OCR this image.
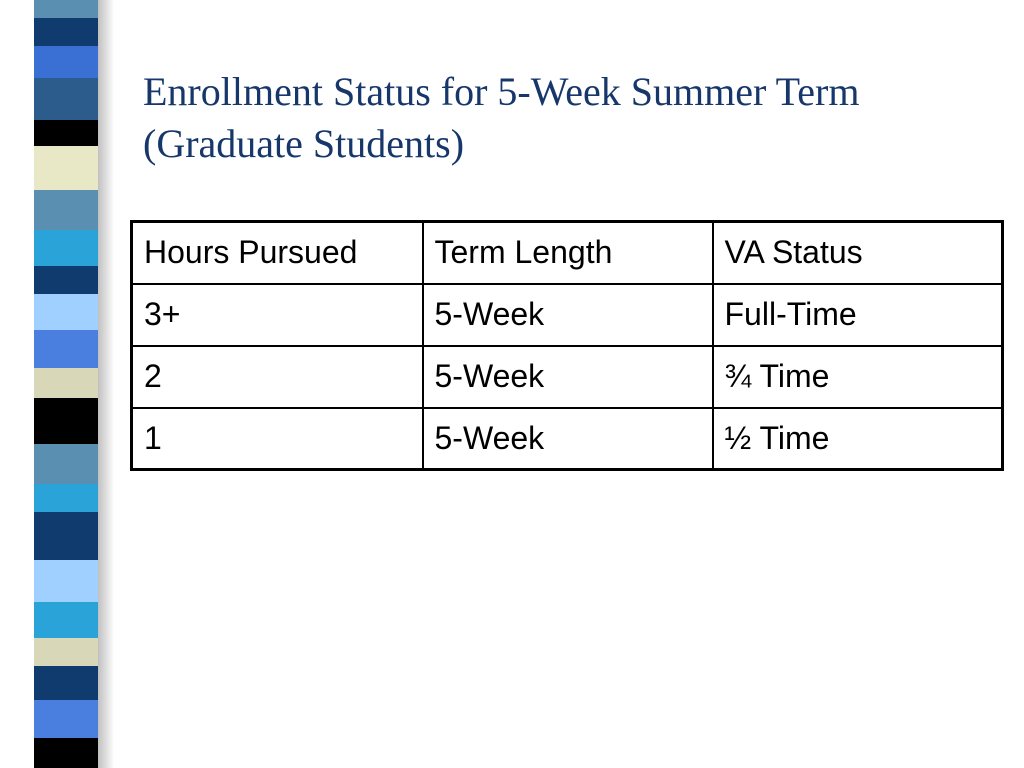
Enrollment Status for 5-Week Summer Term
(Graduate Students)
Hours Pursued	Term Length	VA Status
3+	5-Week	Full-Time
2	5-Week	¾ Time
1	5-Week	½ Time
